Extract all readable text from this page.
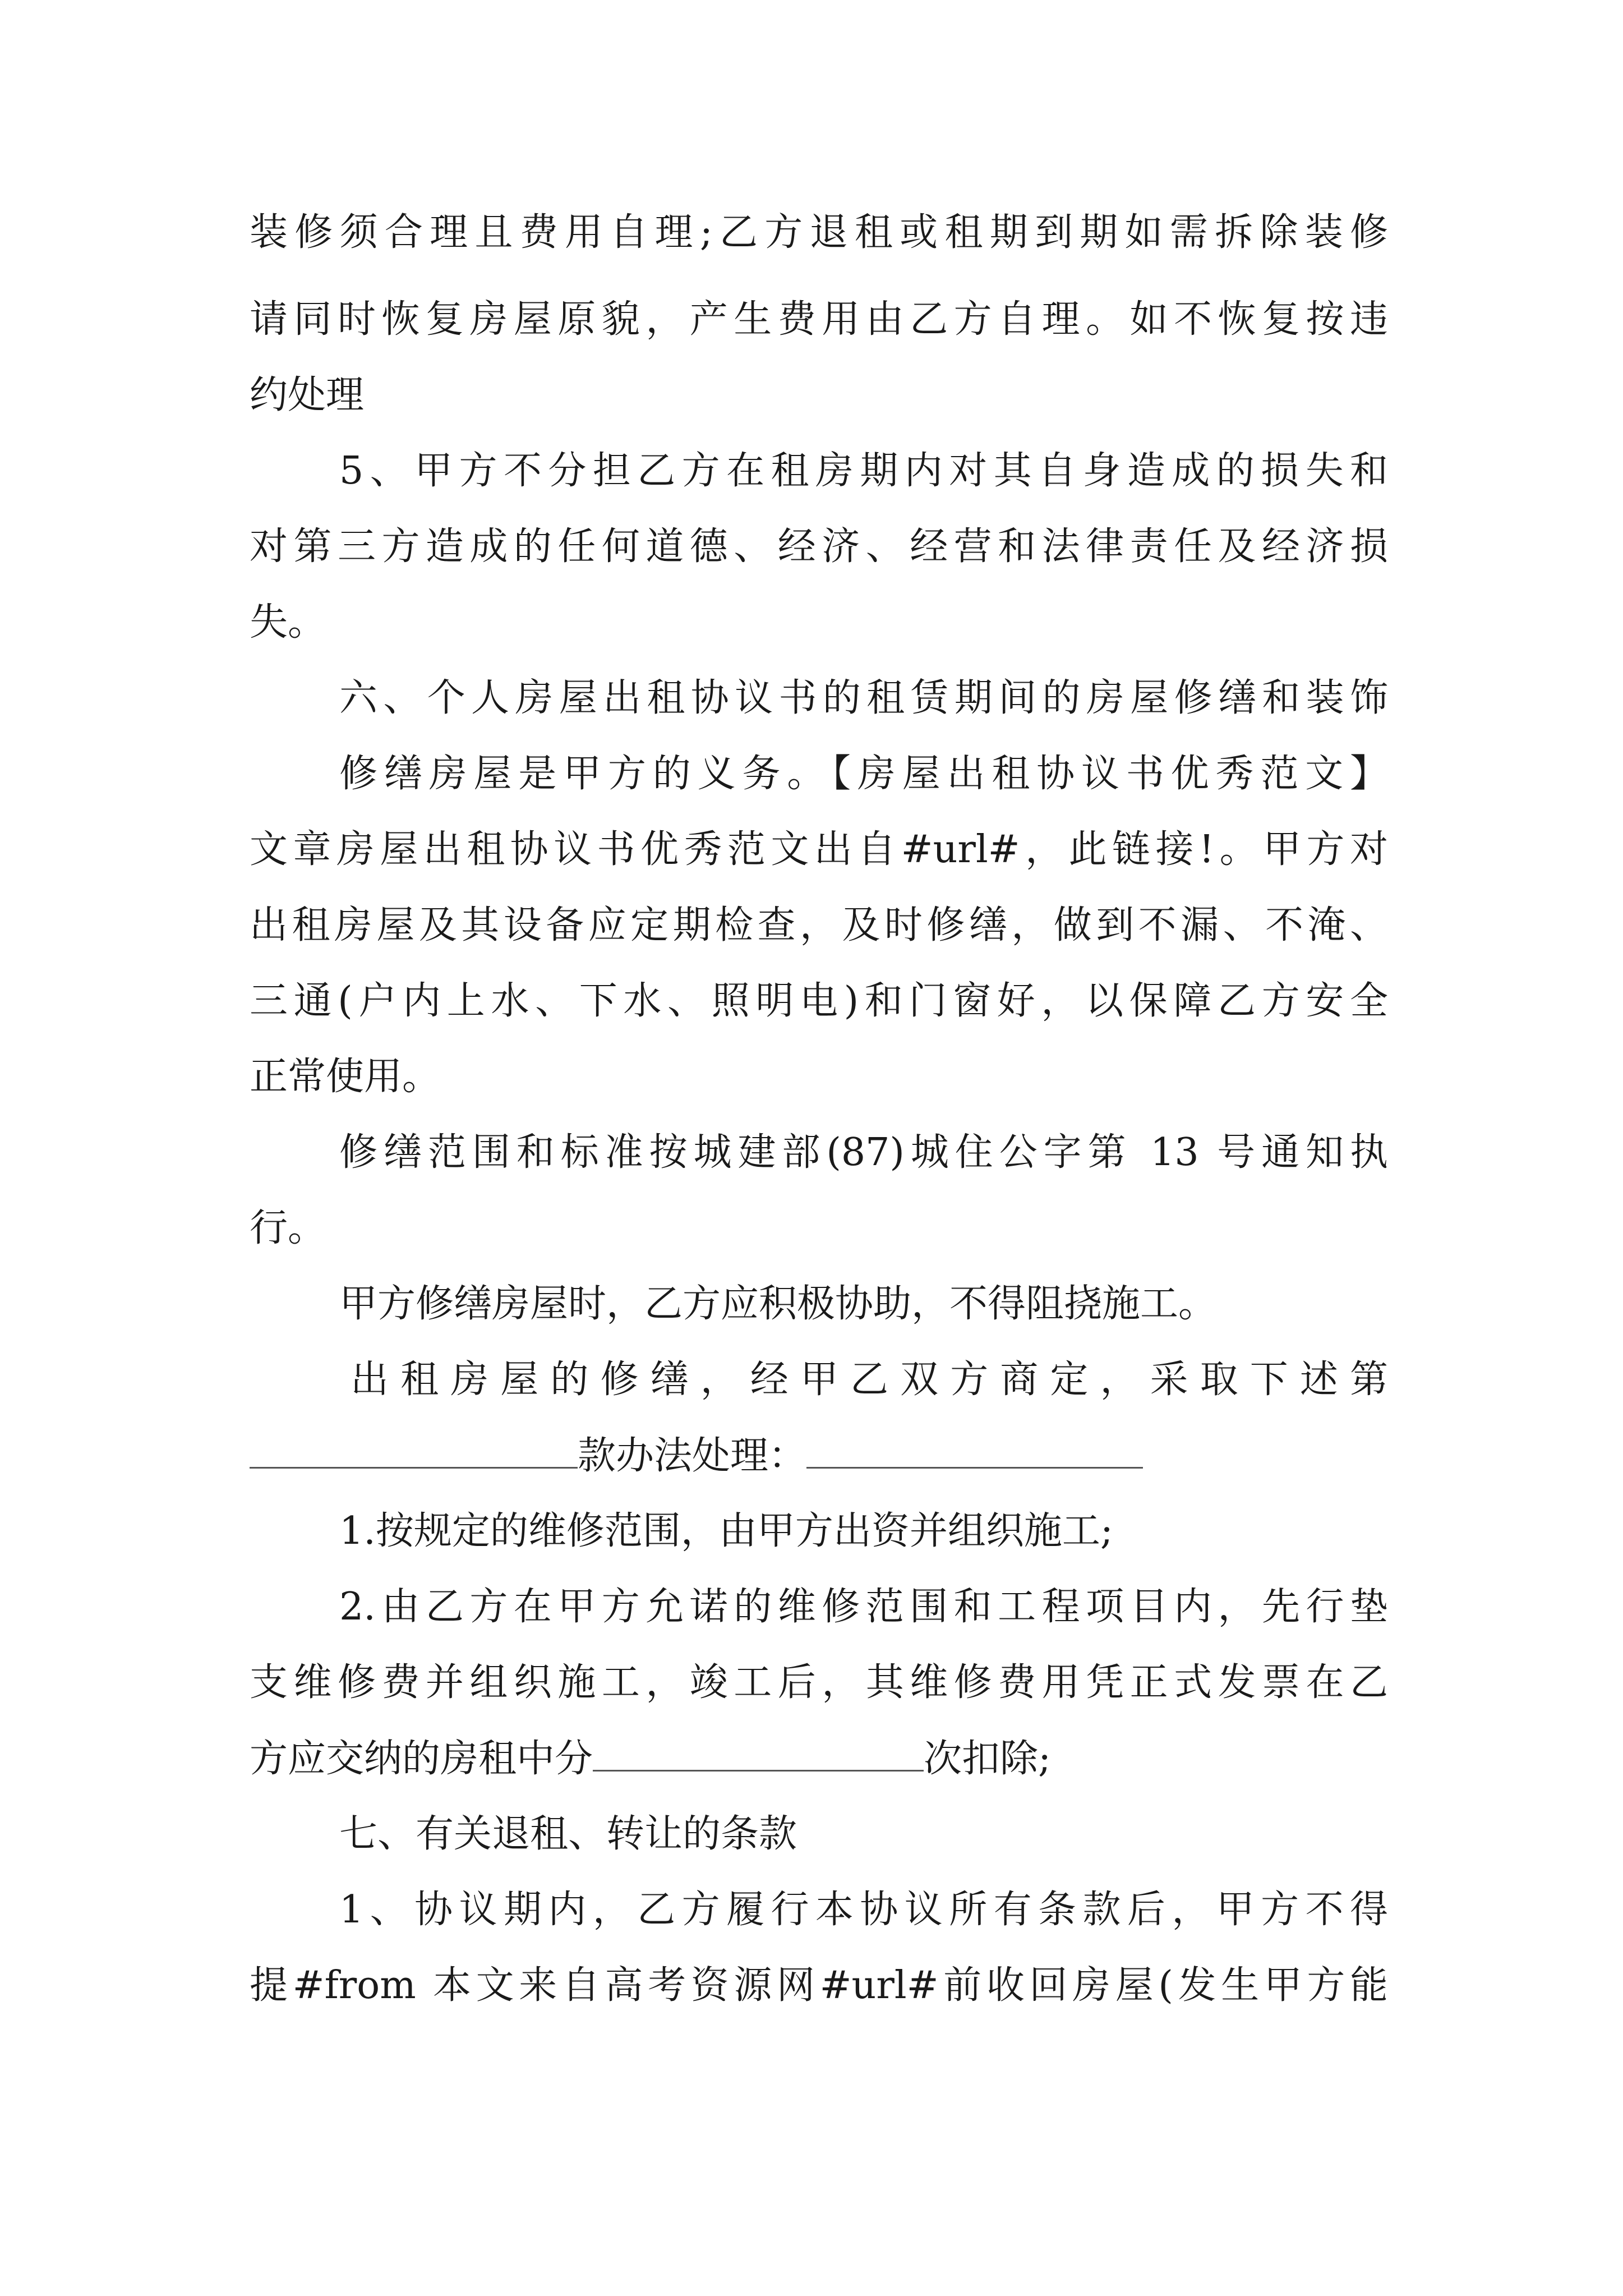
装修须合理且费用自理;乙方退租或租期到期如需拆除装修
请同时恢复房屋原貌，产生费用由乙方自理。如不恢复按违
约处理
5、甲方不分担乙方在租房期内对其自身造成的损失和
对第三方造成的任何道德、经济、经营和法律责任及经济损
失。
六、个人房屋出租协议书的租赁期间的房屋修缮和装饰
修缮房屋是甲方的义务。【房屋出租协议书优秀范文】
文章房屋出租协议书优秀范文出自#url#，此链接!。甲方对
出租房屋及其设备应定期检查，及时修缮，做到不漏、不淹、
三通(户内上水、下水、照明电)和门窗好，以保障乙方安全
正常使用。
修缮范围和标准按城建部(87)城住公字第 13 号通知执
行。
甲方修缮房屋时，乙方应积极协助，不得阻挠施工。
出租房屋的修缮，经甲乙双方商定，采取下述第
款办法处理：
1.按规定的维修范围，由甲方出资并组织施工;
2.由乙方在甲方允诺的维修范围和工程项目内，先行垫
支维修费并组织施工，竣工后，其维修费用凭正式发票在乙
方应交纳的房租中分	次扣除;
七、有关退租、转让的条款
1、协议期内，乙方履行本协议所有条款后，甲方不得
提#from 本文来自高考资源网#url#前收回房屋(发生甲方能
